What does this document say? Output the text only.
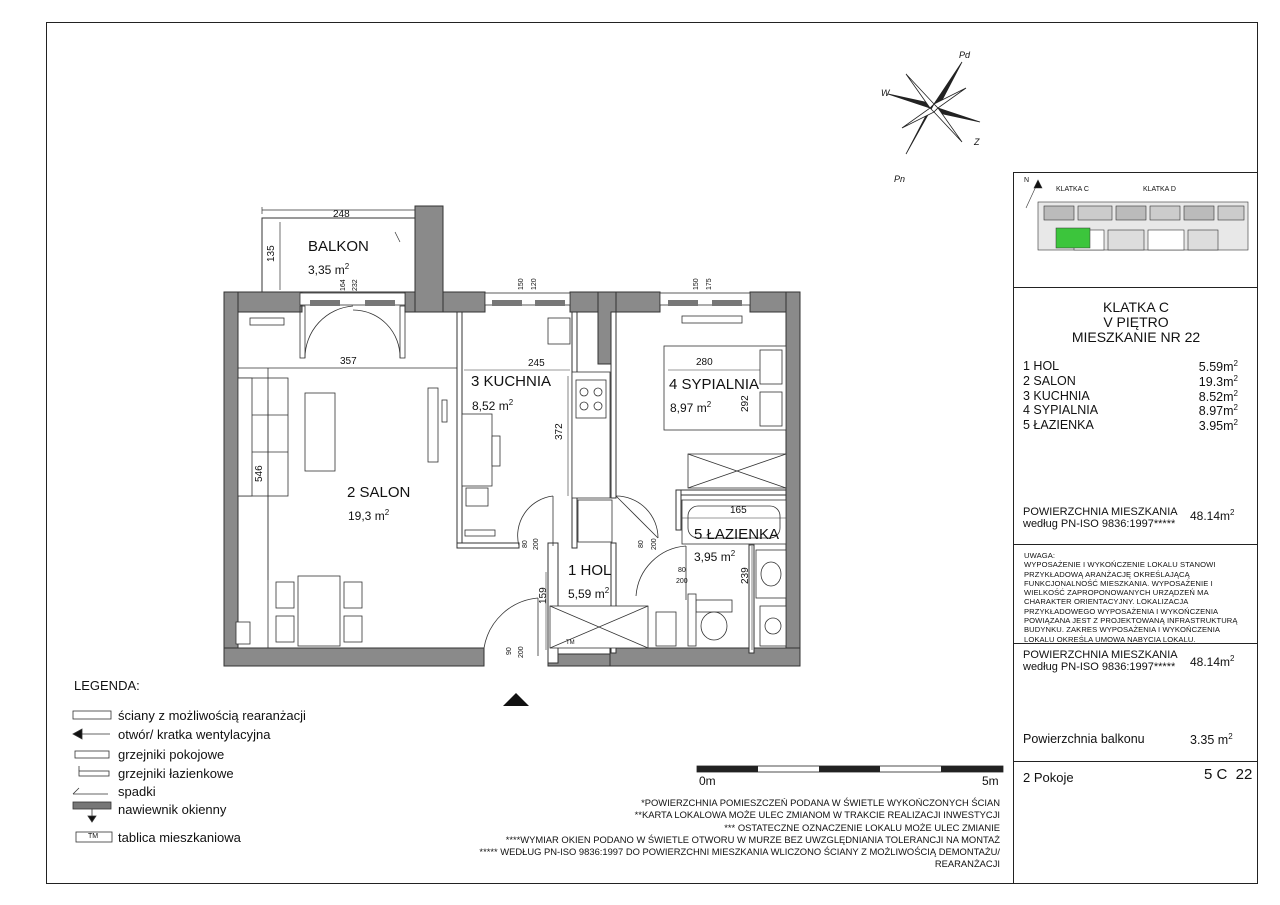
Pd
Pn
W
Z
BALKON
3,35 $m^2$
2 SALON
19,3 $m^2$
3 KUCHNIA
8,52 $m^2$
4 SYPIALNIA
8,97 $m^2$
5 ŁAZIENKA
3,95 $m^2$
1 HOL
5,59 $m^2$
248
135
357	245	280
372
546
292
165
239
159
164 232	150 120	150 175
80 200	80 200
80
200
90 200
TM
0m	5m
LEGENDA:
ściany z możliwością rearanżacji
otwór/ kratka wentylacyjna
grzejniki pokojowe
grzejniki łazienkowe
spadki
nawiewnik okienny
tablica mieszkaniowa
TM
*POWIERZCHNIA POMIESZCZEŃ PODANA W ŚWIETLE WYKOŃCZONYCH ŚCIAN
**KARTA LOKALOWA MOŻE ULEC ZMIANOM W TRAKCIE REALIZACJI INWESTYCJI
*** OSTATECZNE OZNACZENIE LOKALU MOŻE ULEC ZMIANIE
****WYMIAR OKIEN PODANO W ŚWIETLE OTWORU W MURZE BEZ UWZGLĘDNIANIA TOLERANCJI NA MONTAŻ
***** WEDŁUG PN-ISO 9836:1997 DO POWIERZCHNI MIESZKANIA WLICZONO ŚCIANY Z MOŻLIWOŚCIĄ DEMONTAŻU/
REARANŻACJI
N
KLATKA C	KLATKA D
KLATKA C
V PIĘTRO
MIESZKANIE NR 22
1 HOL	$5.59m^2$
2 SALON	$19.3m^2$
3 KUCHNIA	$8.52m^2$
4 SYPIALNIA	$8.97m^2$
5 ŁAZIENKA	$3.95m^2$
POWIERZCHNIA MIESZKANIA
według PN-ISO 9836:1997*****
$48.14m^2$
UWAGA:
WYPOSAŻENIE I WYKOŃCZENIE LOKALU STANOWI PRZYKŁADOWĄ ARANŻACJĘ OKREŚLAJĄCĄ FUNKCJONALNOŚĆ MIESZKANIA. WYPOSAŻENIE I WIELKOŚĆ ZAPROPONOWANYCH URZĄDZEŃ MA CHARAKTER ORIENTACYJNY. LOKALIZACJA PRZYKŁADOWEGO WYPOSAŻENIA I WYKOŃCZENIA POWIĄZANA JEST Z PROJEKTOWANĄ INFRASTRUKTURĄ BUDYNKU. ZAKRES WYPOSAŻENIA I WYKOŃCZENIA LOKALU OKREŚLA UMOWA NABYCIA LOKALU.
POWIERZCHNIA MIESZKANIA
według PN-ISO 9836:1997***** $48.14m^2$
Powierzchnia balkonu	3.35 $m^2$
2 Pokoje	5 C  22
